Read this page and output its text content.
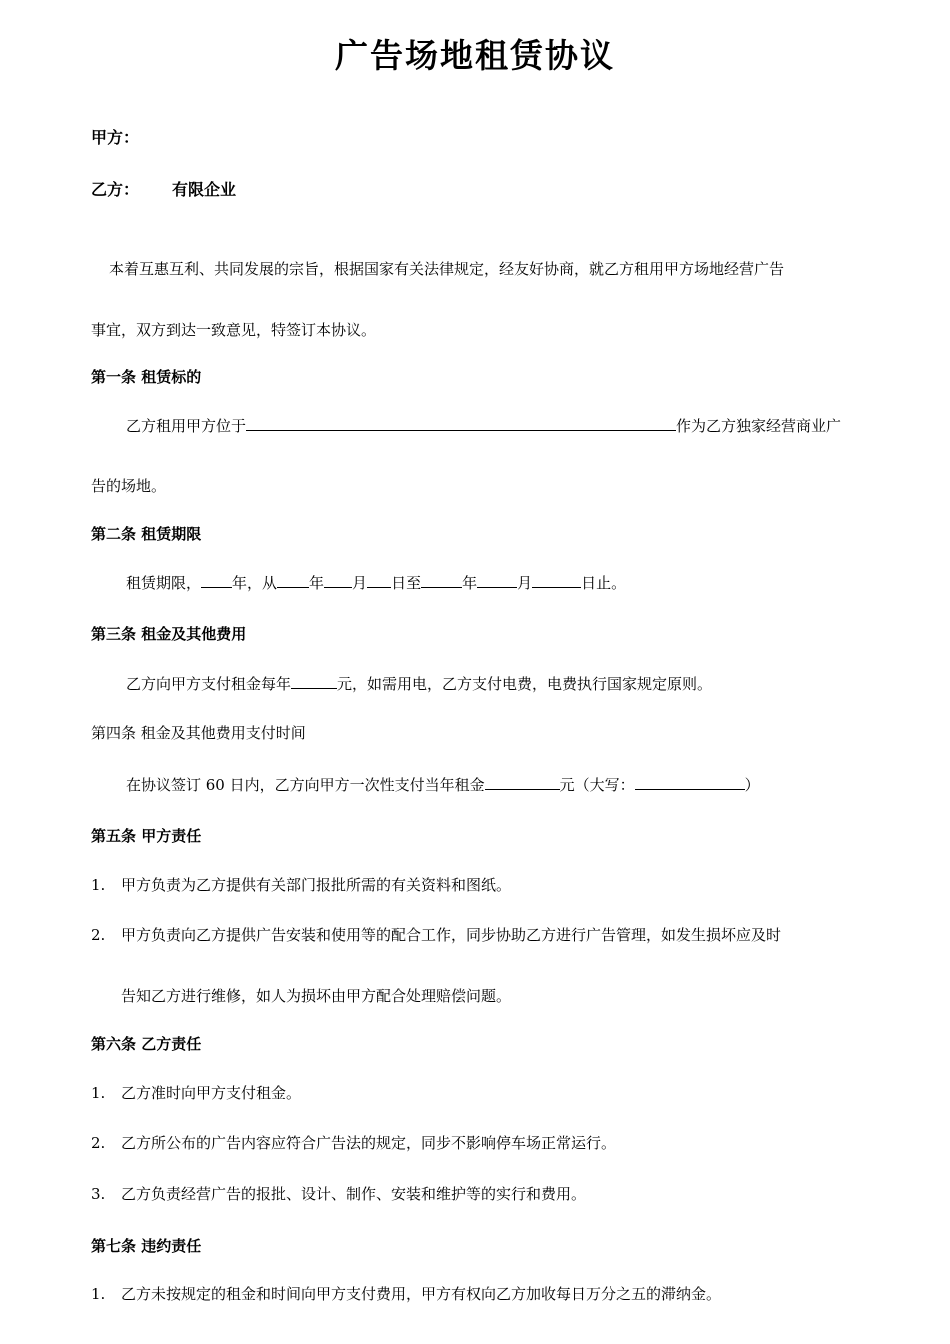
广告场地租赁协议
甲方：
乙方： 有限企业
本着互惠互利、共同发展的宗旨，根据国家有关法律规定，经友好协商，就乙方租用甲方场地经营广告
事宜，双方到达一致意见，特签订本协议。
第一条 租赁标的
乙方租用甲方位于	作为乙方独家经营商业广
告的场地。
第二条 租赁期限
租赁期限， 年，从 年 月 日至	年	月	日止。
第三条 租金及其他费用
乙方向甲方支付租金每年	元，如需用电，乙方支付电费，电费执行国家规定原则。
第四条 租金及其他费用支付时间
在协议签订 60 日内，乙方向甲方一次性支付当年租金	元（大写：	）
第五条 甲方责任
1. 甲方负责为乙方提供有关部门报批所需的有关资料和图纸。
2. 甲方负责向乙方提供广告安装和使用等的配合工作，同步协助乙方进行广告管理，如发生损坏应及时
告知乙方进行维修，如人为损坏由甲方配合处理赔偿问题。
第六条 乙方责任
1. 乙方准时向甲方支付租金。
2. 乙方所公布的广告内容应符合广告法的规定，同步不影响停车场正常运行。
3. 乙方负责经营广告的报批、设计、制作、安装和维护等的实行和费用。
第七条 违约责任
1. 乙方未按规定的租金和时间向甲方支付费用，甲方有权向乙方加收每日万分之五的滞纳金。
